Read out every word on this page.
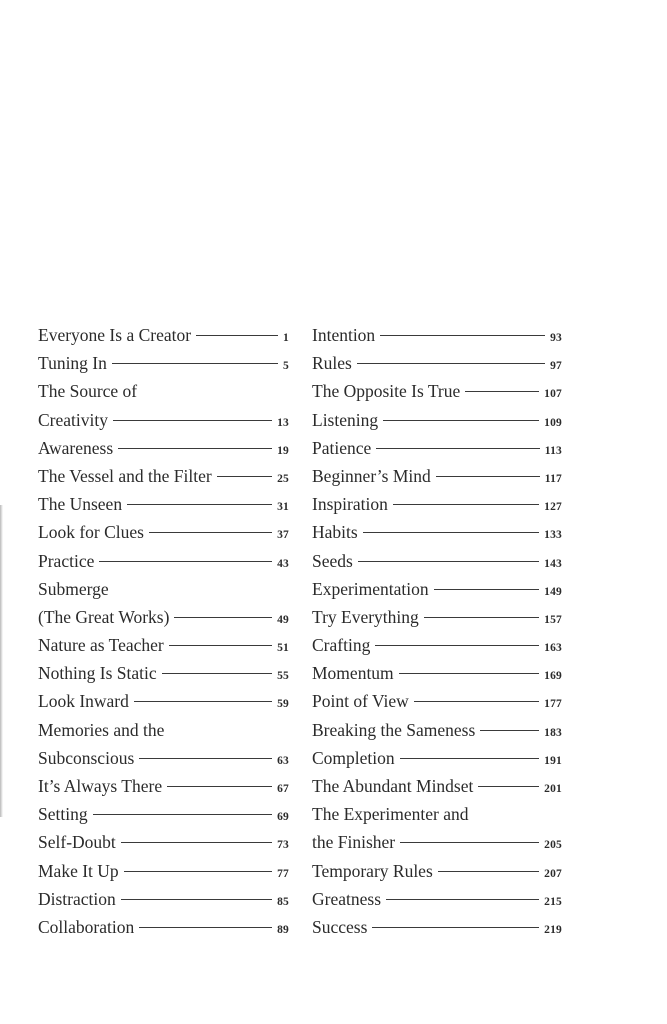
Everyone Is a Creator	1
Tuning In	5
The Source of
Creativity	13
Awareness	19
The Vessel and the Filter	25
The Unseen	31
Look for Clues	37
Practice	43
Submerge
(The Great Works)	49
Nature as Teacher	51
Nothing Is Static	55
Look Inward	59
Memories and the
Subconscious	63
It’s Always There	67
Setting	69
Self-Doubt	73
Make It Up	77
Distraction	85
Collaboration	89
Intention	93
Rules	97
The Opposite Is True	107
Listening	109
Patience	113
Beginner’s Mind	117
Inspiration	127
Habits	133
Seeds	143
Experimentation	149
Try Everything	157
Crafting	163
Momentum	169
Point of View	177
Breaking the Sameness	183
Completion	191
The Abundant Mindset	201
The Experimenter and
the Finisher	205
Temporary Rules	207
Greatness	215
Success	219
